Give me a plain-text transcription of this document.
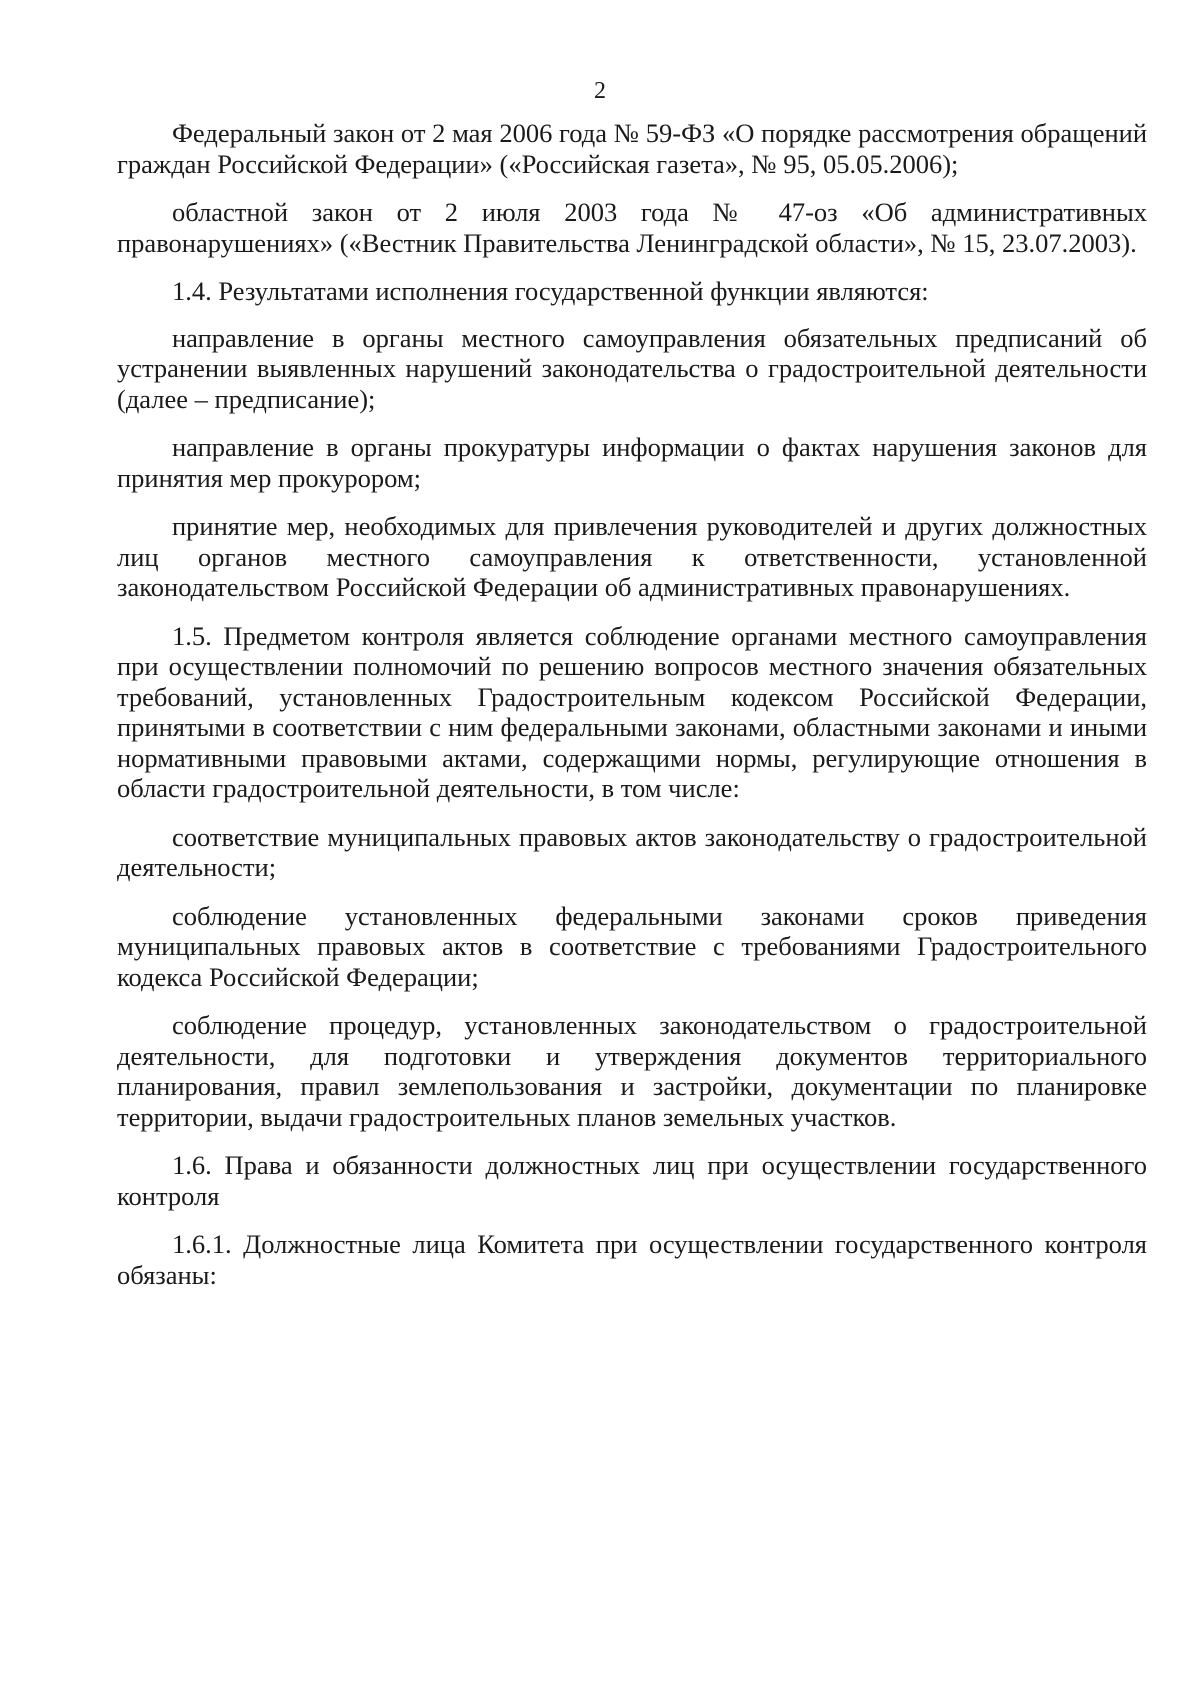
2

Федеральный закон от 2 мая 2006 года № 59-ФЗ «О порядке рассмотрения обращений граждан Российской Федерации» («Российская газета», № 95, 05.05.2006);

областной закон от 2 июля 2003 года № 47-оз «Об административных правонарушениях» («Вестник Правительства Ленинградской области», № 15, 23.07.2003).

1.4. Результатами исполнения государственной функции являются:

направление в органы местного самоуправления обязательных предписаний об устранении выявленных нарушений законодательства о градостроительной деятельности (далее – предписание);

направление в органы прокуратуры информации о фактах нарушения законов для принятия мер прокурором;

принятие мер, необходимых для привлечения руководителей и других должностных лиц органов местного самоуправления к ответственности, установленной законодательством Российской Федерации об административных правонарушениях.

1.5. Предметом контроля является соблюдение органами местного самоуправления при осуществлении полномочий по решению вопросов местного значения обязательных требований, установленных Градостроительным кодексом Российской Федерации, принятыми в соответствии с ним федеральными законами, областными законами и иными нормативными правовыми актами, содержащими нормы, регулирующие отношения в области градостроительной деятельности, в том числе:

соответствие муниципальных правовых актов законодательству о градостроительной деятельности;

соблюдение установленных федеральными законами сроков приведения муниципальных правовых актов в соответствие с требованиями Градостроительного кодекса Российской Федерации;

соблюдение процедур, установленных законодательством о градостроительной деятельности, для подготовки и утверждения документов территориального планирования, правил землепользования и застройки, документации по планировке территории, выдачи градостроительных планов земельных участков.

1.6. Права и обязанности должностных лиц при осуществлении государственного контроля

1.6.1. Должностные лица Комитета при осуществлении государственного контроля обязаны:
